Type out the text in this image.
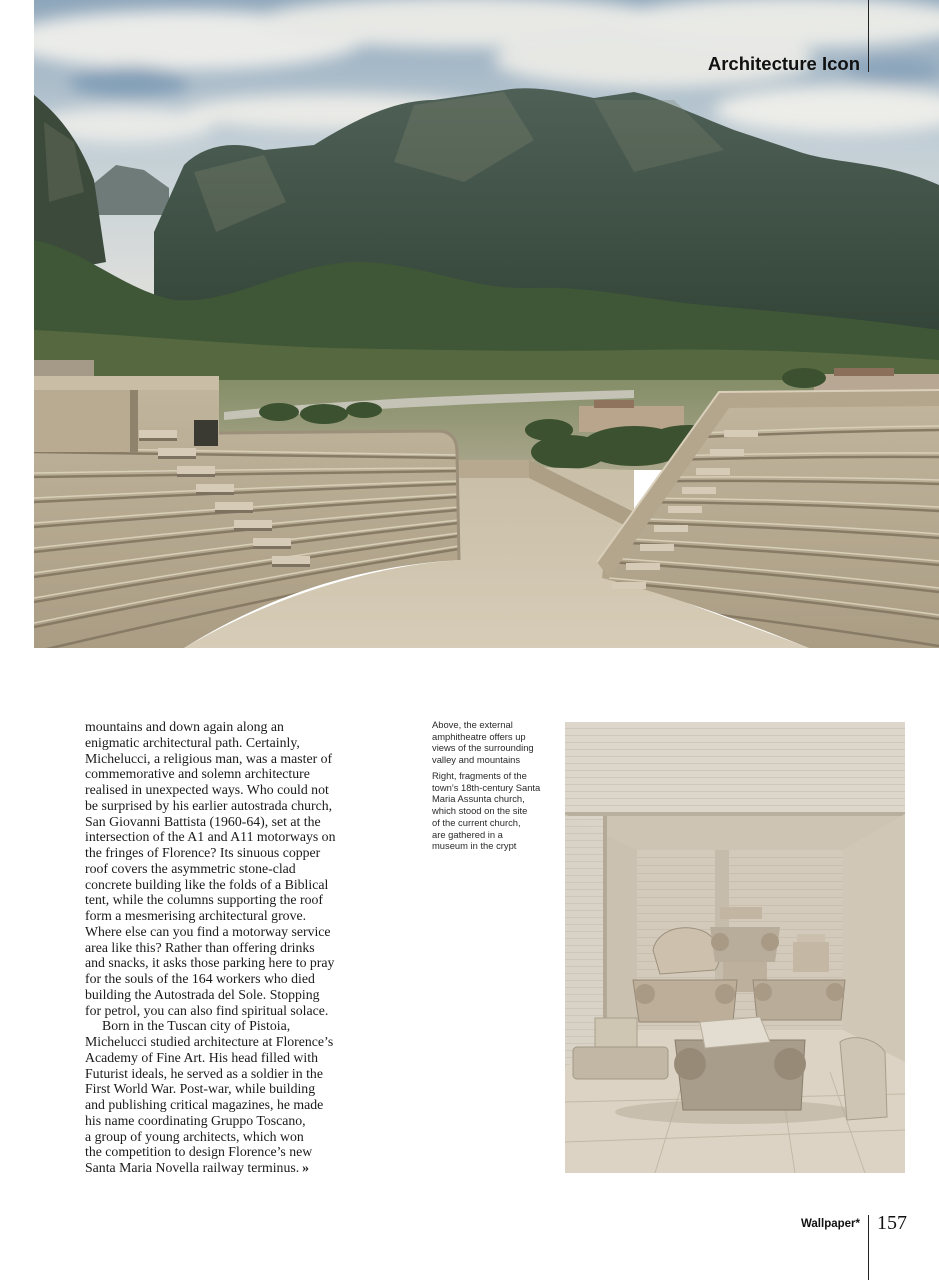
Architecture Icon
mountains and down again along an
enigmatic architectural path. Certainly,
Michelucci, a religious man, was a master of
commemorative and solemn architecture
realised in unexpected ways. Who could not
be surprised by his earlier autostrada church,
San Giovanni Battista (1960-64), set at the
intersection of the A1 and A11 motorways on
the fringes of Florence? Its sinuous copper
roof covers the asymmetric stone-clad
concrete building like the folds of a Biblical
tent, while the columns supporting the roof
form a mesmerising architectural grove.
Where else can you find a motorway service
area like this? Rather than offering drinks
and snacks, it asks those parking here to pray
for the souls of the 164 workers who died
building the Autostrada del Sole. Stopping
for petrol, you can also find spiritual solace.
Born in the Tuscan city of Pistoia,
Michelucci studied architecture at Florence’s
Academy of Fine Art. His head filled with
Futurist ideals, he served as a soldier in the
First World War. Post-war, while building
and publishing critical magazines, he made
his name coordinating Gruppo Toscano,
a group of young architects, which won
the competition to design Florence’s new
Santa Maria Novella railway terminus. »
Above, the external
amphitheatre offers up
views of the surrounding
valley and mountains
Right, fragments of the
town’s 18th-century Santa
Maria Assunta church,
which stood on the site
of the current church,
are gathered in a
museum in the crypt
Wallpaper* 157
